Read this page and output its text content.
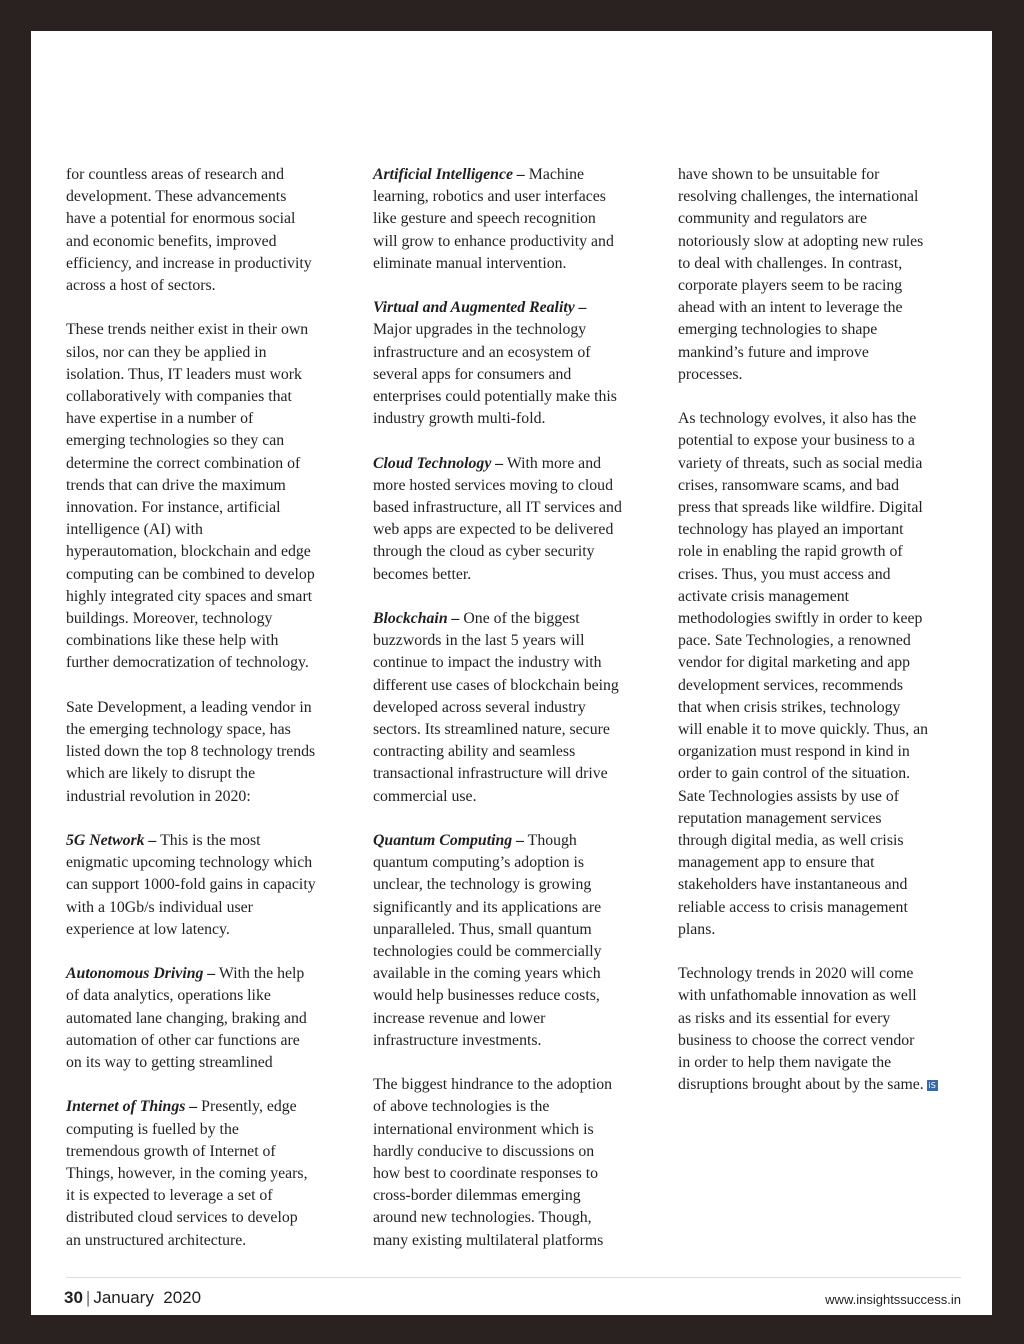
for countless areas of research and
development. These advancements
have a potential for enormous social
and economic benefits, improved
efficiency, and increase in productivity
across a host of sectors.

These trends neither exist in their own
silos, nor can they be applied in
isolation. Thus, IT leaders must work
collaboratively with companies that
have expertise in a number of
emerging technologies so they can
determine the correct combination of
trends that can drive the maximum
innovation. For instance, artificial
intelligence (AI) with
hyperautomation, blockchain and edge
computing can be combined to develop
highly integrated city spaces and smart
buildings. Moreover, technology
combinations like these help with
further democratization of technology.

Sate Development, a leading vendor in
the emerging technology space, has
listed down the top 8 technology trends
which are likely to disrupt the
industrial revolution in 2020:

5G Network – This is the most
enigmatic upcoming technology which
can support 1000-fold gains in capacity
with a 10Gb/s individual user
experience at low latency.

Autonomous Driving – With the help
of data analytics, operations like
automated lane changing, braking and
automation of other car functions are
on its way to getting streamlined

Internet of Things – Presently, edge
computing is fuelled by the
tremendous growth of Internet of
Things, however, in the coming years,
it is expected to leverage a set of
distributed cloud services to develop
an unstructured architecture.

Artificial Intelligence – Machine
learning, robotics and user interfaces
like gesture and speech recognition
will grow to enhance productivity and
eliminate manual intervention.

Virtual and Augmented Reality –
Major upgrades in the technology
infrastructure and an ecosystem of
several apps for consumers and
enterprises could potentially make this
industry growth multi-fold.

Cloud Technology – With more and
more hosted services moving to cloud
based infrastructure, all IT services and
web apps are expected to be delivered
through the cloud as cyber security
becomes better.

Blockchain – One of the biggest
buzzwords in the last 5 years will
continue to impact the industry with
different use cases of blockchain being
developed across several industry
sectors. Its streamlined nature, secure
contracting ability and seamless
transactional infrastructure will drive
commercial use.

Quantum Computing – Though
quantum computing’s adoption is
unclear, the technology is growing
significantly and its applications are
unparalleled. Thus, small quantum
technologies could be commercially
available in the coming years which
would help businesses reduce costs,
increase revenue and lower
infrastructure investments.

The biggest hindrance to the adoption
of above technologies is the
international environment which is
hardly conducive to discussions on
how best to coordinate responses to
cross-border dilemmas emerging
around new technologies. Though,
many existing multilateral platforms

have shown to be unsuitable for
resolving challenges, the international
community and regulators are
notoriously slow at adopting new rules
to deal with challenges. In contrast,
corporate players seem to be racing
ahead with an intent to leverage the
emerging technologies to shape
mankind’s future and improve
processes.

As technology evolves, it also has the
potential to expose your business to a
variety of threats, such as social media
crises, ransomware scams, and bad
press that spreads like wildfire. Digital
technology has played an important
role in enabling the rapid growth of
crises. Thus, you must access and
activate crisis management
methodologies swiftly in order to keep
pace. Sate Technologies, a renowned
vendor for digital marketing and app
development services, recommends
that when crisis strikes, technology
will enable it to move quickly. Thus, an
organization must respond in kind in
order to gain control of the situation.
Sate Technologies assists by use of
reputation management services
through digital media, as well crisis
management app to ensure that
stakeholders have instantaneous and
reliable access to crisis management
plans.

Technology trends in 2020 will come
with unfathomable innovation as well
as risks and its essential for every
business to choose the correct vendor
in order to help them navigate the
disruptions brought about by the same. iS

30 | January  2020	www.insightssuccess.in
